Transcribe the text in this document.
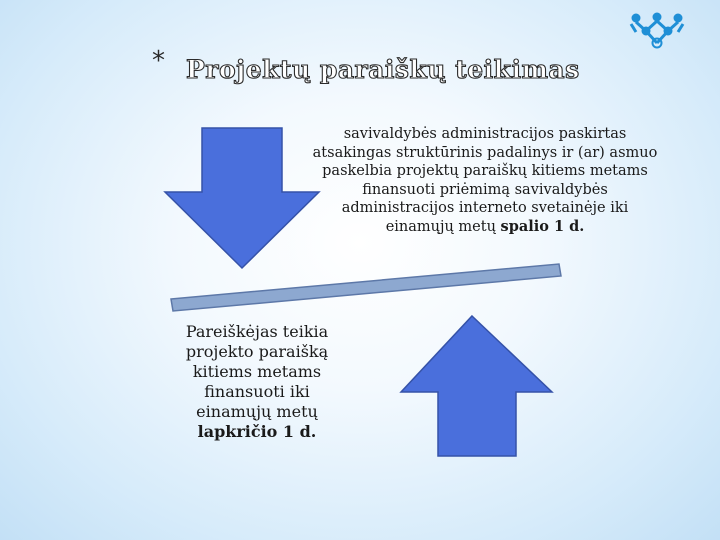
* Projektų paraiškų teikimas
savivaldybės administracijos paskirtas atsakingas struktūrinis padalinys ir (ar) asmuo paskelbia projektų paraiškų kitiems metams finansuoti priėmimą savivaldybės administracijos interneto svetainėje iki einamųjų metų spalio 1 d.
Pareiškėjas teikia projekto paraišką kitiems metams finansuoti iki einamųjų metų lapkričio 1 d.
